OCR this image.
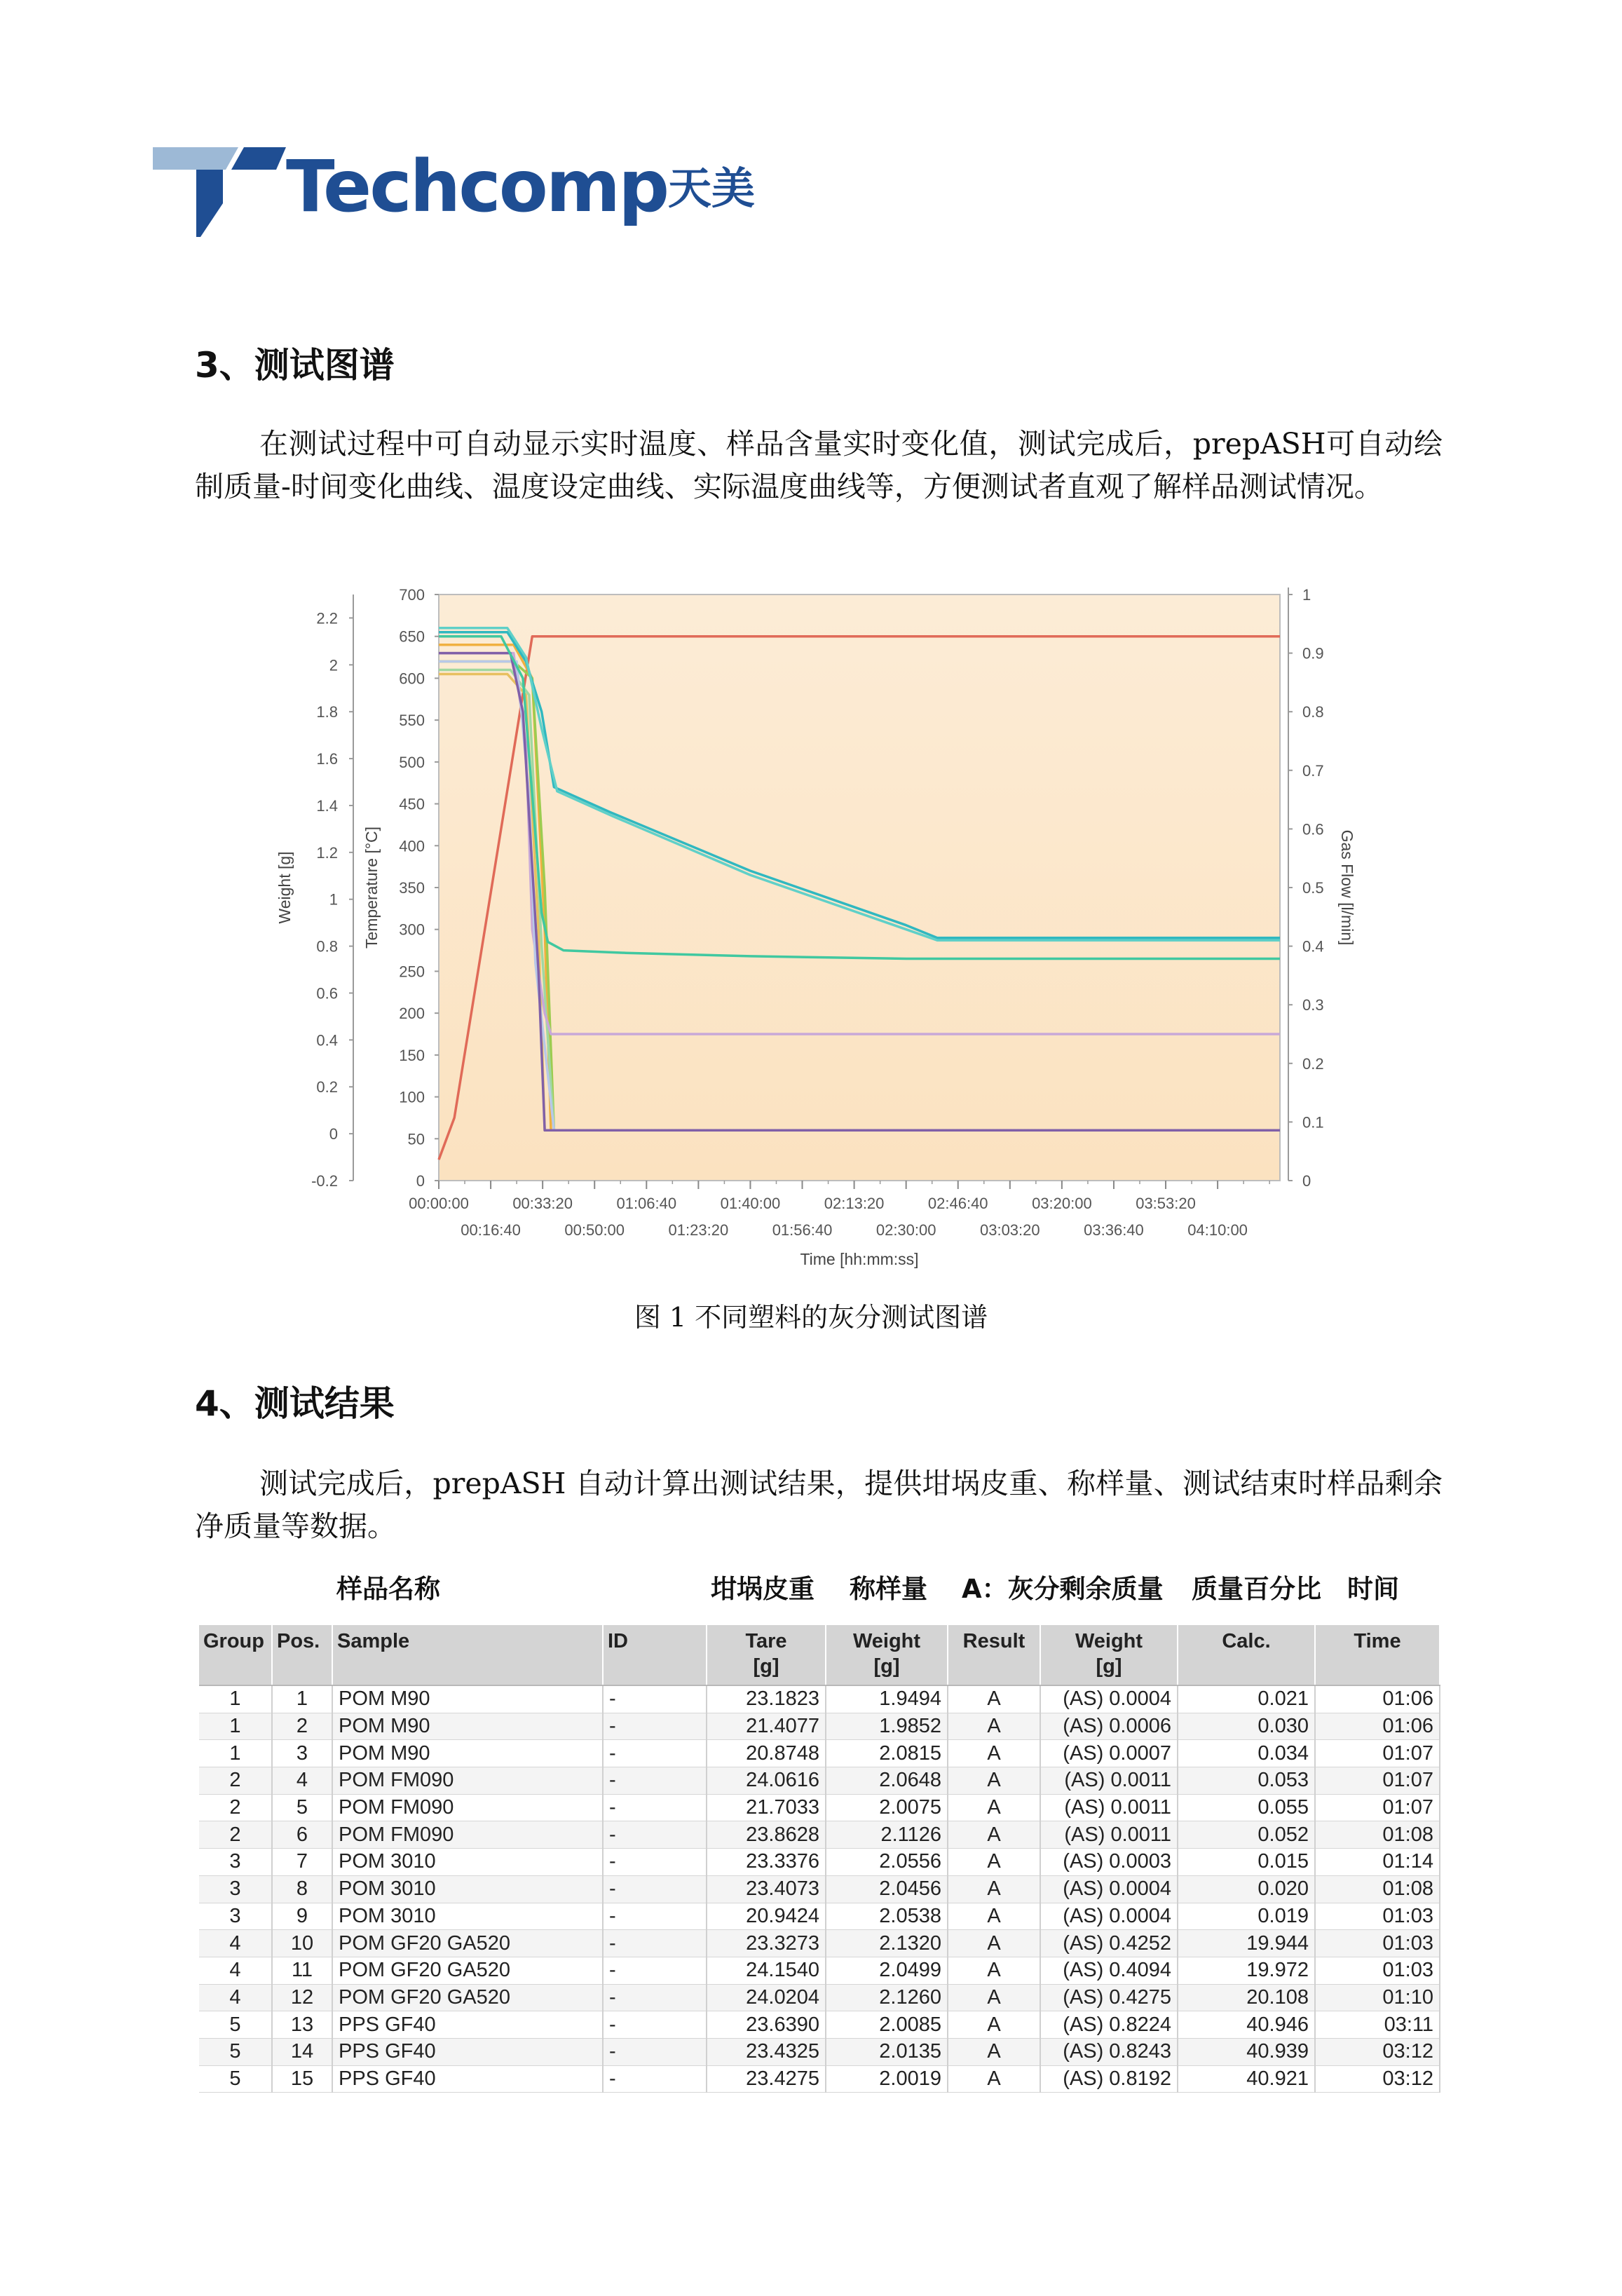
Techcomp 天美
3、测试图谱
在测试过程中可自动显示实时温度、样品含量实时变化值，测试完成后，prepASH可自动绘制质量-时间变化曲线、温度设定曲线、实际温度曲线等，方便测试者直观了解样品测试情况。
-0.2
0
0.2
0.4
0.6
0.8
1
1.2
1.4
1.6
1.8
2
2.2
0
50
100
150
200
250
300
350
400
450
500
550
600
650
700
0
0.1
0.2
0.3
0.4
0.5
0.6
0.7
0.8
0.9
1
00:00:00	00:33:20	01:06:40	01:40:00	02:13:20	02:46:40	03:20:00	03:53:20
00:16:40	00:50:00	01:23:20	01:56:40	02:30:00	03:03:20	03:36:40	04:10:00
Time [hh:mm:ss]
Weight [g]	Temperature [°C]	Gas Flow [l/min]
图 1 不同塑料的灰分测试图谱
4、测试结果
测试完成后，prepASH 自动计算出测试结果，提供坩埚皮重、称样量、测试结束时样品剩余净质量等数据。
样品名称	坩埚皮重 称样量 A：灰分剩余质量 质量百分比 时间
Group	Pos.	Sample	ID	Tare
[g]	Weight
[g]	Result	Weight
[g]	Calc.	Time
1	1	POM M90	-	23.1823	1.9494	A	(AS) 0.0004	0.021	01:06
1	2	POM M90	-	21.4077	1.9852	A	(AS) 0.0006	0.030	01:06
1	3	POM M90	-	20.8748	2.0815	A	(AS) 0.0007	0.034	01:07
2	4	POM FM090	-	24.0616	2.0648	A	(AS) 0.0011	0.053	01:07
2	5	POM FM090	-	21.7033	2.0075	A	(AS) 0.0011	0.055	01:07
2	6	POM FM090	-	23.8628	2.1126	A	(AS) 0.0011	0.052	01:08
3	7	POM 3010	-	23.3376	2.0556	A	(AS) 0.0003	0.015	01:14
3	8	POM 3010	-	23.4073	2.0456	A	(AS) 0.0004	0.020	01:08
3	9	POM 3010	-	20.9424	2.0538	A	(AS) 0.0004	0.019	01:03
4	10	POM GF20 GA520	-	23.3273	2.1320	A	(AS) 0.4252	19.944	01:03
4	11	POM GF20 GA520	-	24.1540	2.0499	A	(AS) 0.4094	19.972	01:03
4	12	POM GF20 GA520	-	24.0204	2.1260	A	(AS) 0.4275	20.108	01:10
5	13	PPS GF40	-	23.6390	2.0085	A	(AS) 0.8224	40.946	03:11
5	14	PPS GF40	-	23.4325	2.0135	A	(AS) 0.8243	40.939	03:12
5	15	PPS GF40	-	23.4275	2.0019	A	(AS) 0.8192	40.921	03:12
